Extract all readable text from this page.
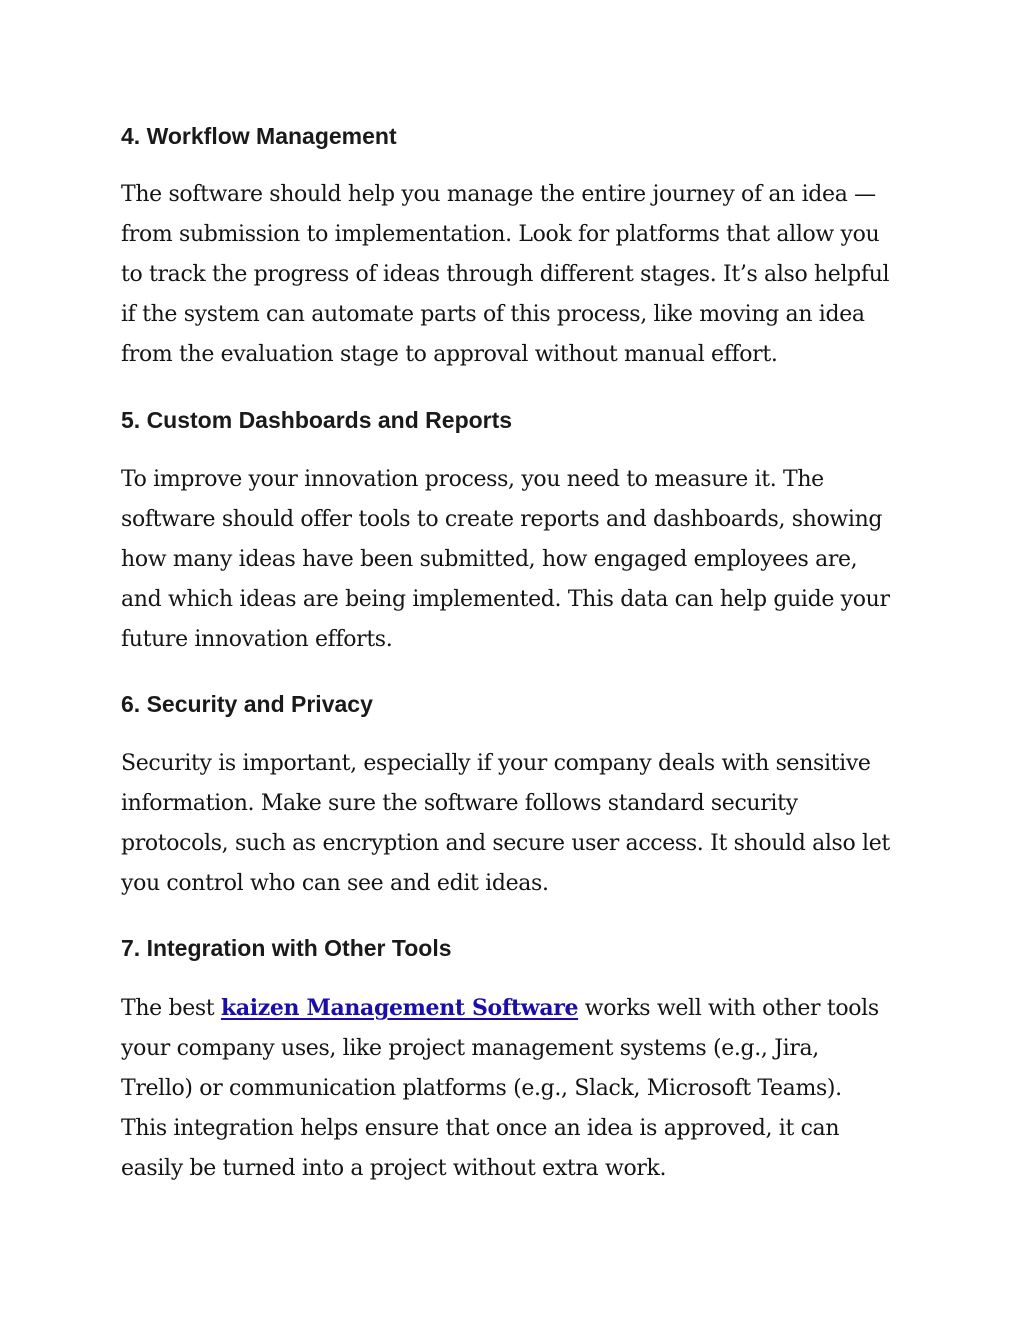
4. Workflow Management

The software should help you manage the entire journey of an idea —
from submission to implementation. Look for platforms that allow you
to track the progress of ideas through different stages. It’s also helpful
if the system can automate parts of this process, like moving an idea
from the evaluation stage to approval without manual effort.

5. Custom Dashboards and Reports

To improve your innovation process, you need to measure it. The
software should offer tools to create reports and dashboards, showing
how many ideas have been submitted, how engaged employees are,
and which ideas are being implemented. This data can help guide your
future innovation efforts.

6. Security and Privacy

Security is important, especially if your company deals with sensitive
information. Make sure the software follows standard security
protocols, such as encryption and secure user access. It should also let
you control who can see and edit ideas.

7. Integration with Other Tools

The best kaizen Management Software works well with other tools
your company uses, like project management systems (e.g., Jira,
Trello) or communication platforms (e.g., Slack, Microsoft Teams).
This integration helps ensure that once an idea is approved, it can
easily be turned into a project without extra work.
